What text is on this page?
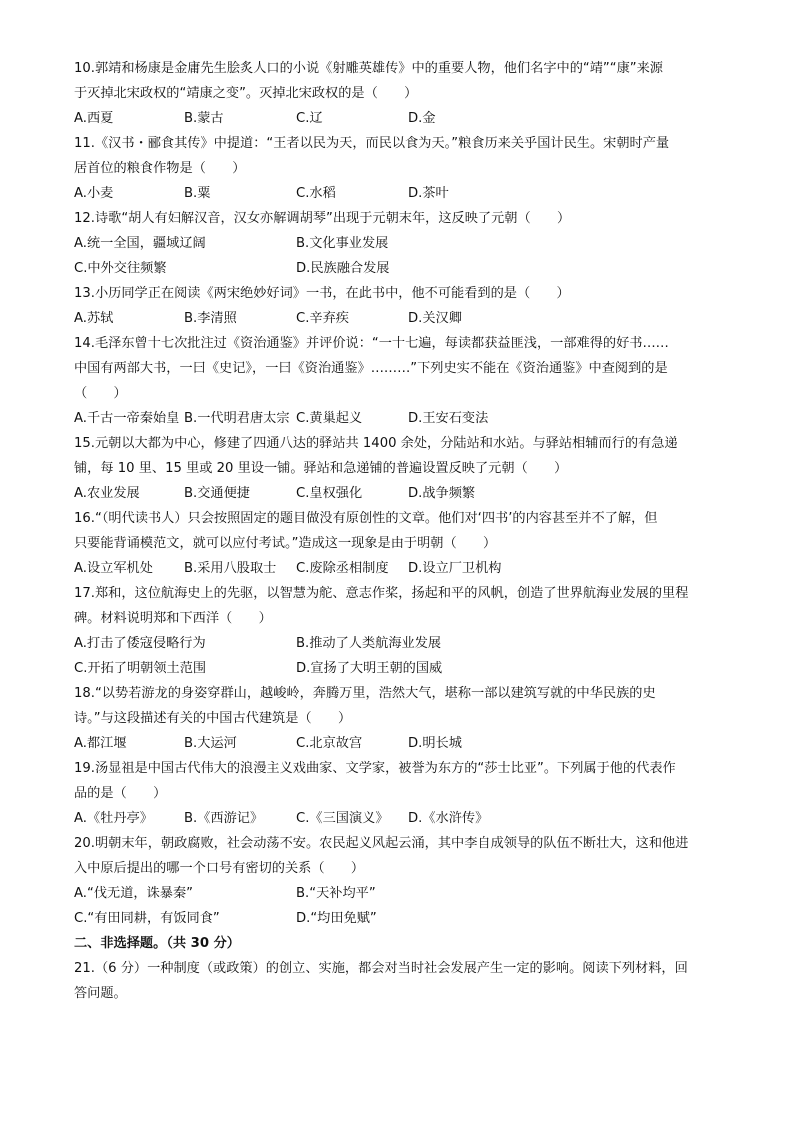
10.郭靖和杨康是金庸先生脍炙人口的小说《射雕英雄传》中的重要人物，他们名字中的“靖”“康”来源
于灭掉北宋政权的“靖康之变”。灭掉北宋政权的是（　　）
A.西夏	B.蒙古	C.辽	D.金
11.《汉书・郦食其传》中提道：“王者以民为天，而民以食为天。”粮食历来关乎国计民生。宋朝时产量
居首位的粮食作物是（　　）
A.小麦	B.粟	C.水稻	D.茶叶
12.诗歌“胡人有妇解汉音，汉女亦解调胡琴”出现于元朝末年，这反映了元朝（　　）
A.统一全国，疆域辽阔	B.文化事业发展
C.中外交往频繁	D.民族融合发展
13.小历同学正在阅读《两宋绝妙好词》一书，在此书中，他不可能看到的是（　　）
A.苏轼	B.李清照	C.辛弃疾	D.关汉卿
14.毛泽东曾十七次批注过《资治通鉴》并评价说：“一十七遍，每读都获益匪浅，一部难得的好书……
中国有两部大书，一曰《史记》，一曰《资治通鉴》………”下列史实不能在《资治通鉴》中查阅到的是
（　　）
A.千古一帝秦始皇 B.一代明君唐太宗 C.黄巢起义	D.王安石变法
15.元朝以大都为中心，修建了四通八达的驿站共 1400 余处，分陆站和水站。与驿站相辅而行的有急递
铺，每 10 里、15 里或 20 里设一铺。驿站和急递铺的普遍设置反映了元朝（　　）
A.农业发展	B.交通便捷	C.皇权强化	D.战争频繁
16.“（明代读书人）只会按照固定的题目做没有原创性的文章。他们对‘四书’的内容甚至并不了解，但
只要能背诵模范文，就可以应付考试。”造成这一现象是由于明朝（　　）
A.设立军机处 B.采用八股取士 C.废除丞相制度 D.设立厂卫机构
17.郑和，这位航海史上的先驱，以智慧为舵、意志作桨，扬起和平的风帆，创造了世界航海业发展的里程
碑。材料说明郑和下西洋（　　）
A.打击了倭寇侵略行为	B.推动了人类航海业发展
C.开拓了明朝领土范围	D.宣扬了大明王朝的国威
18.“以势若游龙的身姿穿群山，越峻岭，奔腾万里，浩然大气，堪称一部以建筑写就的中华民族的史
诗。”与这段描述有关的中国古代建筑是（　　）
A.都江堰	B.大运河	C.北京故宫	D.明长城
19.汤显祖是中国古代伟大的浪漫主义戏曲家、文学家，被誉为东方的“莎士比亚”。下列属于他的代表作
品的是（　　）
A.《牡丹亭》 B.《西游记》 C.《三国演义》 D.《水浒传》
20.明朝末年，朝政腐败，社会动荡不安。农民起义风起云涌，其中李自成领导的队伍不断壮大，这和他进
入中原后提出的哪一个口号有密切的关系（　　）
A.“伐无道，诛暴秦”	B.“天补均平”
C.“有田同耕，有饭同食”	D.“均田免赋”
二、非选择题。（共 30 分）
21.（6 分）一种制度（或政策）的创立、实施，都会对当时社会发展产生一定的影响。阅读下列材料，回
答问题。
